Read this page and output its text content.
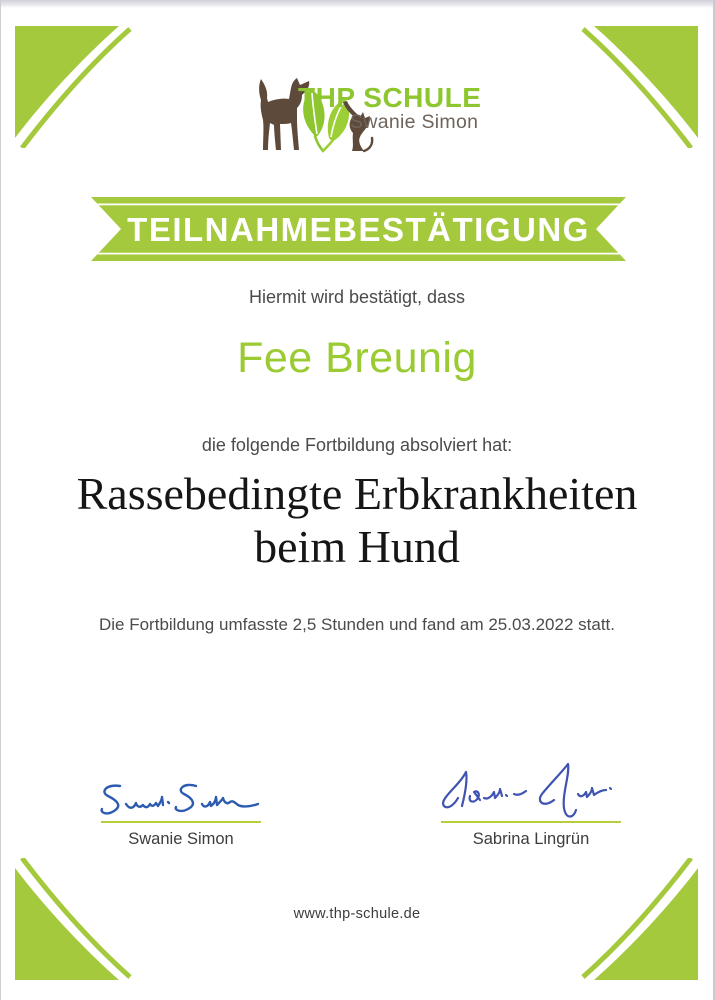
THP SCHULE
Swanie Simon
TEILNAHMEBESTÄTIGUNG
Hiermit wird bestätigt, dass
Fee Breunig
die folgende Fortbildung absolviert hat:
Rassebedingte Erbkrankheiten
beim Hund
Die Fortbildung umfasste 2,5 Stunden und fand am 25.03.2022 statt.
Swanie Simon	Sabrina Lingrün
www.thp-schule.de
